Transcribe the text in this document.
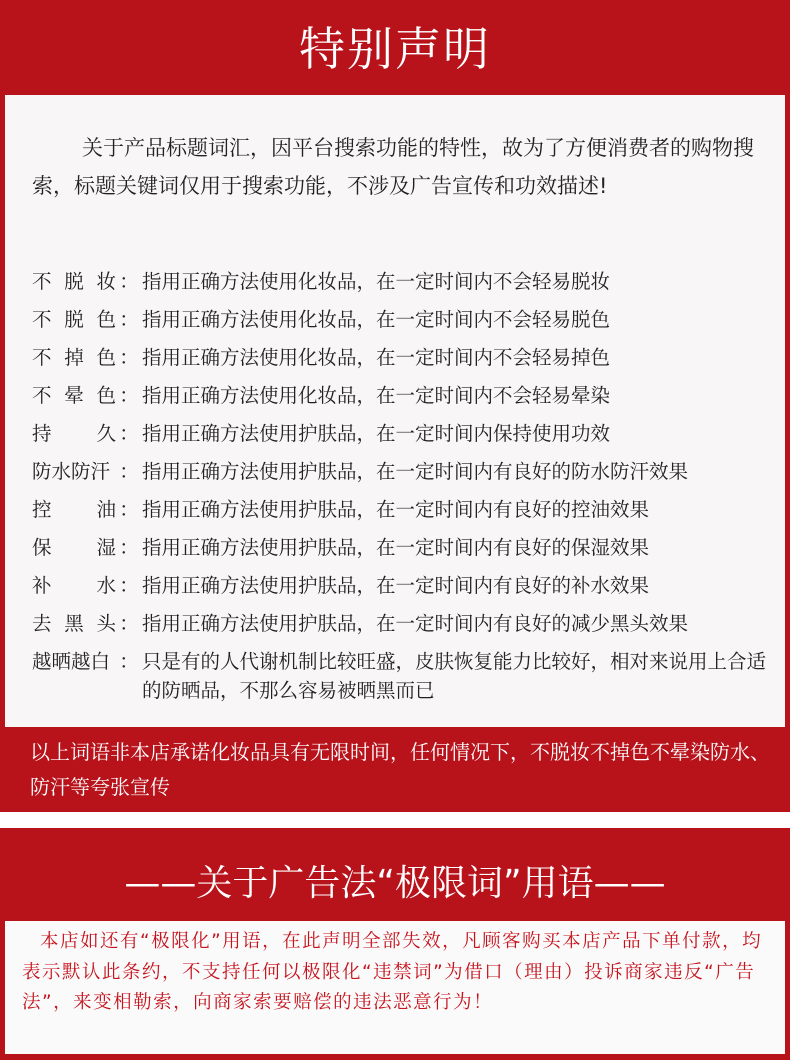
特别声明
关于产品标题词汇，因平台搜索功能的特性，故为了方便消费者的购物搜索，标题关键词仅用于搜索功能，不涉及广告宣传和功效描述!
不 脱 妆 ： 指用正确方法使用化妆品，在一定时间内不会轻易脱妆
不 脱 色 ： 指用正确方法使用化妆品，在一定时间内不会轻易脱色
不 掉 色 ： 指用正确方法使用化妆品，在一定时间内不会轻易掉色
不 晕 色 ： 指用正确方法使用化妆品，在一定时间内不会轻易晕染
持 久 ： 指用正确方法使用护肤品，在一定时间内保持使用功效
防水防汗 ： 指用正确方法使用护肤品，在一定时间内有良好的防水防汗效果
控 油 ： 指用正确方法使用护肤品，在一定时间内有良好的控油效果
保 湿 ： 指用正确方法使用护肤品，在一定时间内有良好的保湿效果
补 水 ： 指用正确方法使用护肤品，在一定时间内有良好的补水效果
去 黑 头 ： 指用正确方法使用护肤品，在一定时间内有良好的减少黑头效果
越晒越白 ： 只是有的人代谢机制比较旺盛，皮肤恢复能力比较好，相对来说用上合适的防晒品，不那么容易被晒黑而已
以上词语非本店承诺化妆品具有无限时间，任何情况下，不脱妆不掉色不晕染防水、防汗等夸张宣传
——关于广告法“极限词”用语——
本店如还有“极限化”用语，在此声明全部失效，凡顾客购买本店产品下单付款，均表示默认此条约，不支持任何以极限化“违禁词”为借口（理由）投诉商家违反“广告法”，来变相勒索，向商家索要赔偿的违法恶意行为！
